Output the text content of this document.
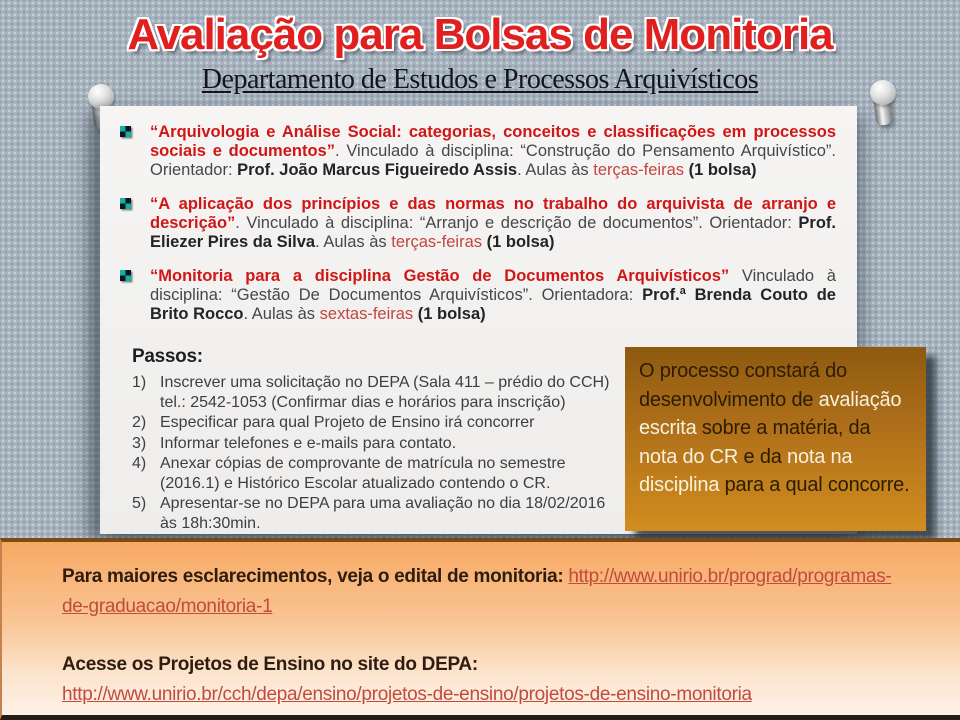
Avaliação para Bolsas de Monitoria
Departamento de Estudos e Processos Arquivísticos
“Arquivologia e Análise Social: categorias, conceitos e classificações em processos sociais e documentos”. Vinculado à disciplina: “Construção do Pensamento Arquivístico”. Orientador: Prof. João Marcus Figueiredo Assis. Aulas às terças-feiras (1 bolsa)
“A aplicação dos princípios e das normas no trabalho do arquivista de arranjo e descrição”. Vinculado à disciplina: “Arranjo e descrição de documentos”. Orientador: Prof. Eliezer Pires da Silva. Aulas às terças-feiras (1 bolsa)
“Monitoria para a disciplina Gestão de Documentos Arquivísticos” Vinculado à disciplina: “Gestão De Documentos Arquivísticos”. Orientadora: Prof.ª Brenda Couto de Brito Rocco. Aulas às sextas-feiras (1 bolsa)
Passos:
1) Inscrever uma solicitação no DEPA (Sala 411 – prédio do CCH) tel.: 2542-1053 (Confirmar dias e horários para inscrição)
2) Especificar para qual Projeto de Ensino irá concorrer
3) Informar telefones e e-mails para contato.
4) Anexar cópias de comprovante de matrícula no semestre (2016.1) e Histórico Escolar atualizado contendo o CR.
5) Apresentar-se no DEPA para uma avaliação no dia 18/02/2016 às 18h:30min.
O processo constará do desenvolvimento de avaliação escrita sobre a matéria, da nota do CR e da nota na disciplina para a qual concorre.
Para maiores esclarecimentos, veja o edital de monitoria: http://www.unirio.br/prograd/programas-de-graduacao/monitoria-1
Acesse os Projetos de Ensino no site do DEPA:
http://www.unirio.br/cch/depa/ensino/projetos-de-ensino/projetos-de-ensino-monitoria
